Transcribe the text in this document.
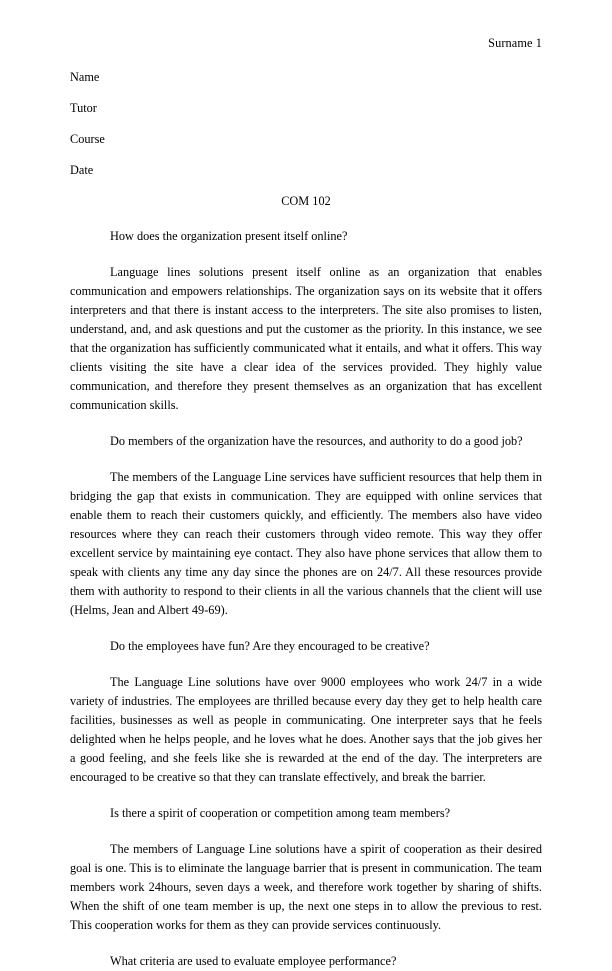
Surname 1
Name
Tutor
Course
Date
COM 102

How does the organization present itself online?

Language lines solutions present itself online as an organization that enables communication and empowers relationships. The organization says on its website that it offers interpreters and that there is instant access to the interpreters. The site also promises to listen, understand, and, and ask questions and put the customer as the priority. In this instance, we see that the organization has sufficiently communicated what it entails, and what it offers. This way clients visiting the site have a clear idea of the services provided. They highly value communication, and therefore they present themselves as an organization that has excellent communication skills.

Do members of the organization have the resources, and authority to do a good job?

The members of the Language Line services have sufficient resources that help them in bridging the gap that exists in communication. They are equipped with online services that enable them to reach their customers quickly, and efficiently. The members also have video resources where they can reach their customers through video remote. This way they offer excellent service by maintaining eye contact. They also have phone services that allow them to speak with clients any time any day since the phones are on 24/7. All these resources provide them with authority to respond to their clients in all the various channels that the client will use (Helms, Jean and Albert 49-69).

Do the employees have fun? Are they encouraged to be creative?

The Language Line solutions have over 9000 employees who work 24/7 in a wide variety of industries. The employees are thrilled because every day they get to help health care facilities, businesses as well as people in communicating. One interpreter says that he feels delighted when he helps people, and he loves what he does. Another says that the job gives her a good feeling, and she feels like she is rewarded at the end of the day. The interpreters are encouraged to be creative so that they can translate effectively, and break the barrier.

Is there a spirit of cooperation or competition among team members?

The members of Language Line solutions have a spirit of cooperation as their desired goal is one. This is to eliminate the language barrier that is present in communication. The team members work 24hours, seven days a week, and therefore work together by sharing of shifts. When the shift of one team member is up, the next one steps in to allow the previous to rest. This cooperation works for them as they can provide services continuously.

What criteria are used to evaluate employee performance?
